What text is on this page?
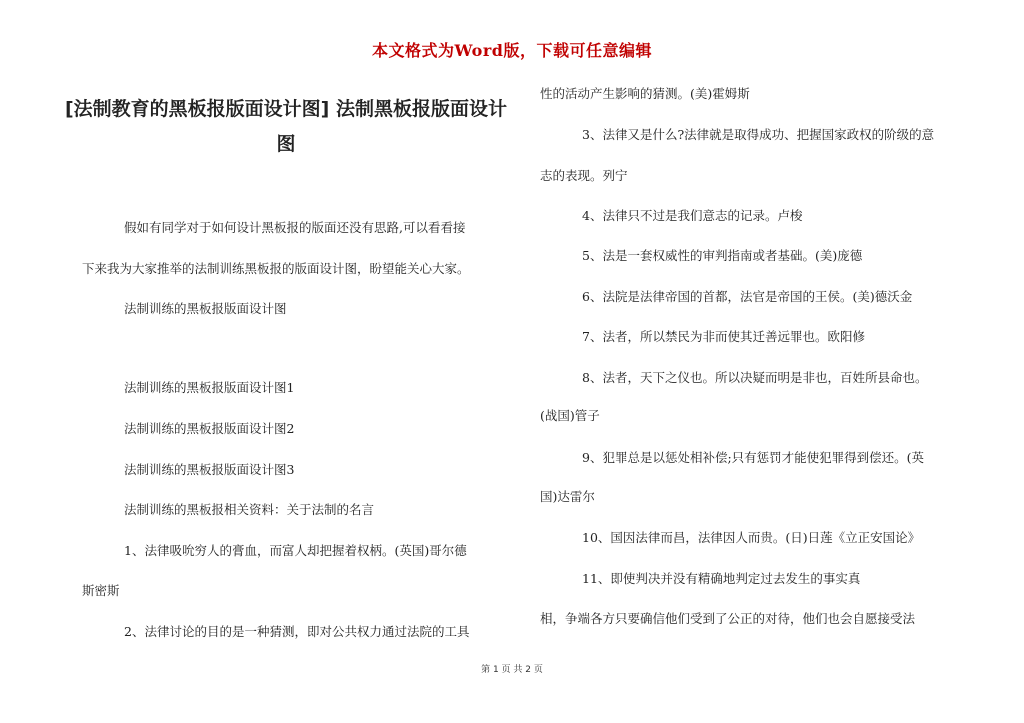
本文格式为Word版，下载可任意编辑
[法制教育的黑板报版面设计图] 法制黑板报版面设计
图
假如有同学对于如何设计黑板报的版面还没有思路,可以看看接
下来我为大家推举的法制训练黑板报的版面设计图，盼望能关心大家。
法制训练的黑板报版面设计图
法制训练的黑板报版面设计图1
法制训练的黑板报版面设计图2
法制训练的黑板报版面设计图3
法制训练的黑板报相关资料：关于法制的名言
1、法律吸吮穷人的膏血，而富人却把握着权柄。(英国)哥尔德
斯密斯
2、法律讨论的目的是一种猜测，即对公共权力通过法院的工具
性的活动产生影响的猜测。(美)霍姆斯
3、法律又是什么?法律就是取得成功、把握国家政权的阶级的意
志的表现。列宁
4、法律只不过是我们意志的记录。卢梭
5、法是一套权威性的审判指南或者基础。(美)庞德
6、法院是法律帝国的首都，法官是帝国的王侯。(美)德沃金
7、法者，所以禁民为非而使其迁善远罪也。欧阳修
8、法者，天下之仪也。所以决疑而明是非也，百姓所县命也。
(战国)管子
9、犯罪总是以惩处相补偿;只有惩罚才能使犯罪得到偿还。(英
国)达雷尔
10、国因法律而昌，法律因人而贵。(日)日莲《立正安国论》
11、即使判决并没有精确地判定过去发生的事实真
相，争端各方只要确信他们受到了公正的对待，他们也会自愿接受法
第 1 页 共 2 页
